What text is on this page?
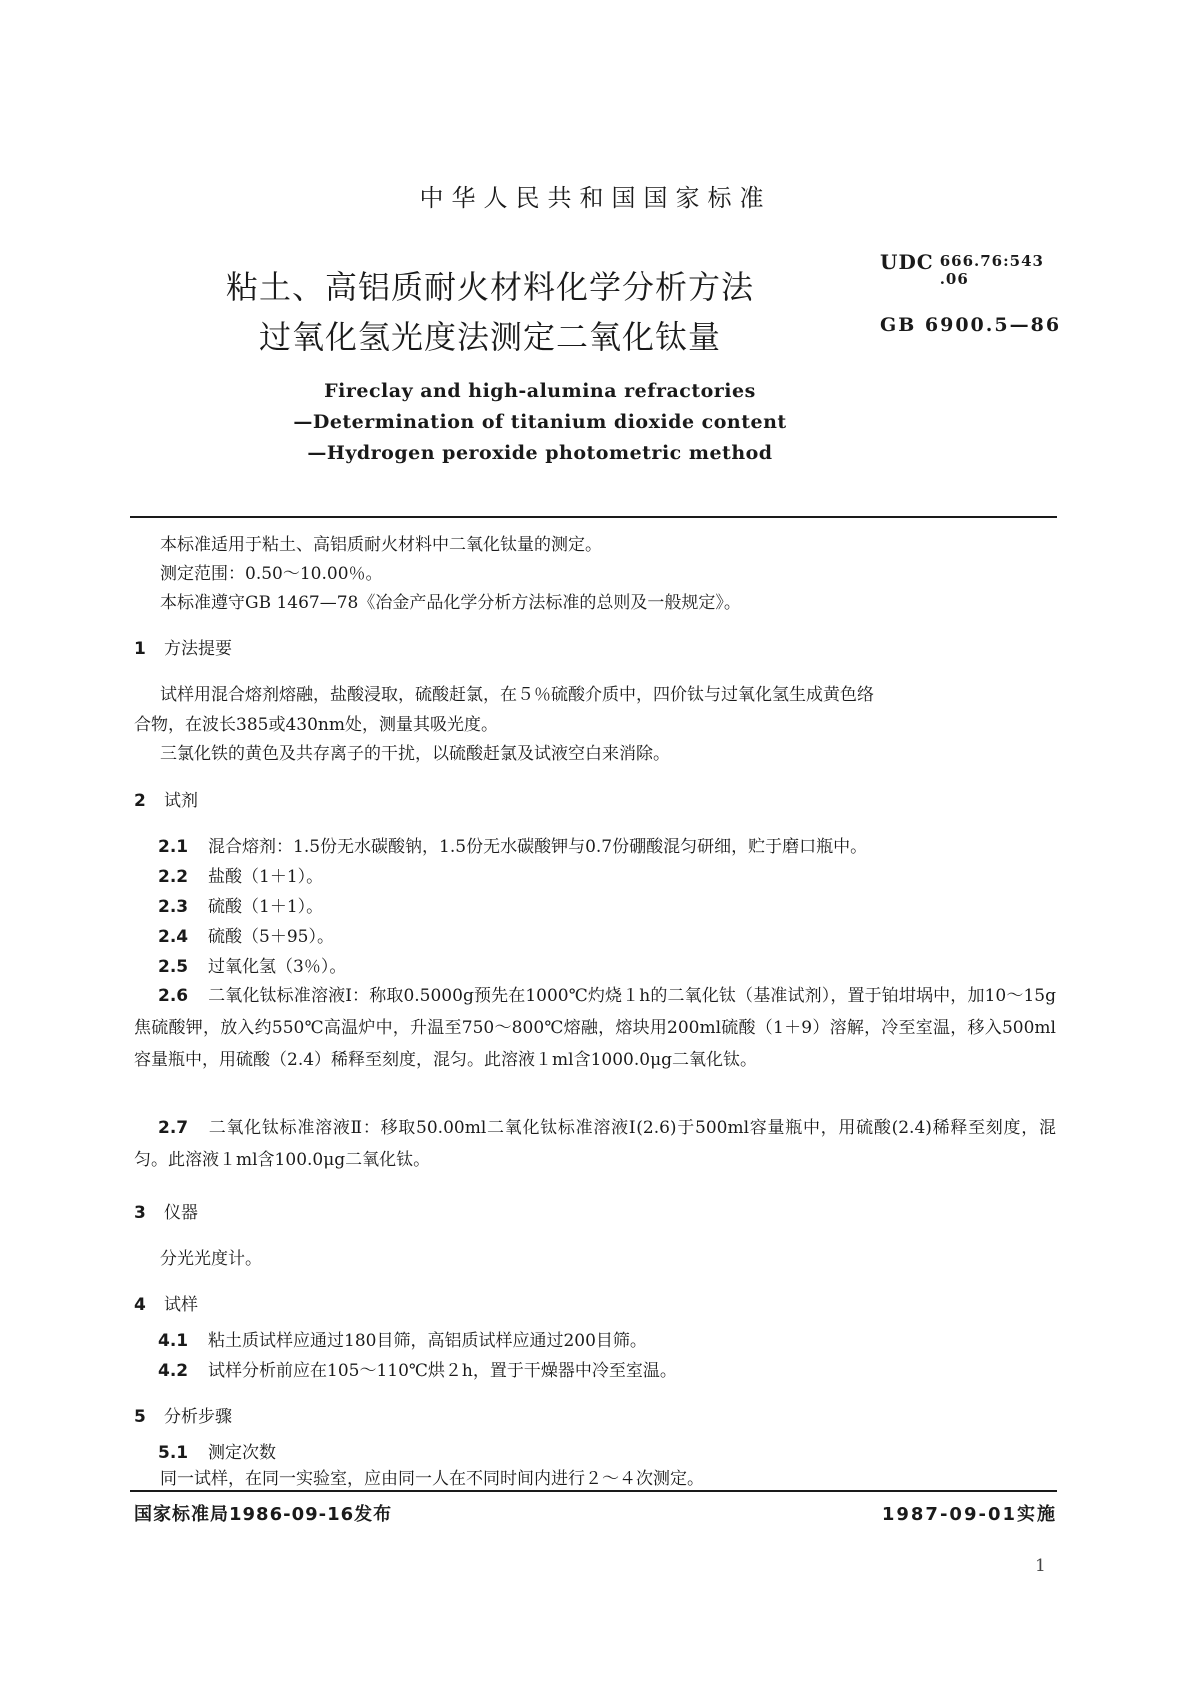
中华人民共和国国家标准
粘土、高铝质耐火材料化学分析方法
过氧化氢光度法测定二氧化钛量
UDC 666.76:543
.06
GB 6900.5—86
Fireclay and high-alumina refractories
—Determination of titanium dioxide content
—Hydrogen peroxide photometric method
本标准适用于粘土、高铝质耐火材料中二氧化钛量的测定。
测定范围：0.50～10.00％。
本标准遵守GB 1467—78《冶金产品化学分析方法标准的总则及一般规定》。
1 方法提要
试样用混合熔剂熔融，盐酸浸取，硫酸赶氯，在５％硫酸介质中，四价钛与过氧化氢生成黄色络
合物，在波长385或430nm处，测量其吸光度。
三氯化铁的黄色及共存离子的干扰，以硫酸赶氯及试液空白来消除。
2 试剂
2.1 混合熔剂：1.5份无水碳酸钠，1.5份无水碳酸钾与0.7份硼酸混匀研细，贮于磨口瓶中。
2.2 盐酸（1＋1）。
2.3 硫酸（1＋1）。
2.4 硫酸（5＋95）。
2.5 过氧化氢（3％）。
2.6 二氧化钛标准溶液Ⅰ：称取0.5000g预先在1000℃灼烧１h的二氧化钛（基准试剂），置于铂坩埚中，加10～15g焦硫酸钾，放入约550℃高温炉中，升温至750～800℃熔融，熔块用200ml硫酸（1＋9）溶解，冷至室温，移入500ml容量瓶中，用硫酸（2.4）稀释至刻度，混匀。此溶液１ml含1000.0μg二氧化钛。
2.7 二氧化钛标准溶液Ⅱ：移取50.00ml二氧化钛标准溶液Ⅰ(2.6)于500ml容量瓶中，用硫酸(2.4)稀释至刻度，混匀。此溶液１ml含100.0μg二氧化钛。
3 仪器
分光光度计。
4 试样
4.1 粘土质试样应通过180目筛，高铝质试样应通过200目筛。
4.2 试样分析前应在105～110℃烘２h，置于干燥器中冷至室温。
5 分析步骤
5.1 测定次数
同一试样，在同一实验室，应由同一人在不同时间内进行２～４次测定。
国家标准局1986-09-16发布	1987-09-01实施
1
